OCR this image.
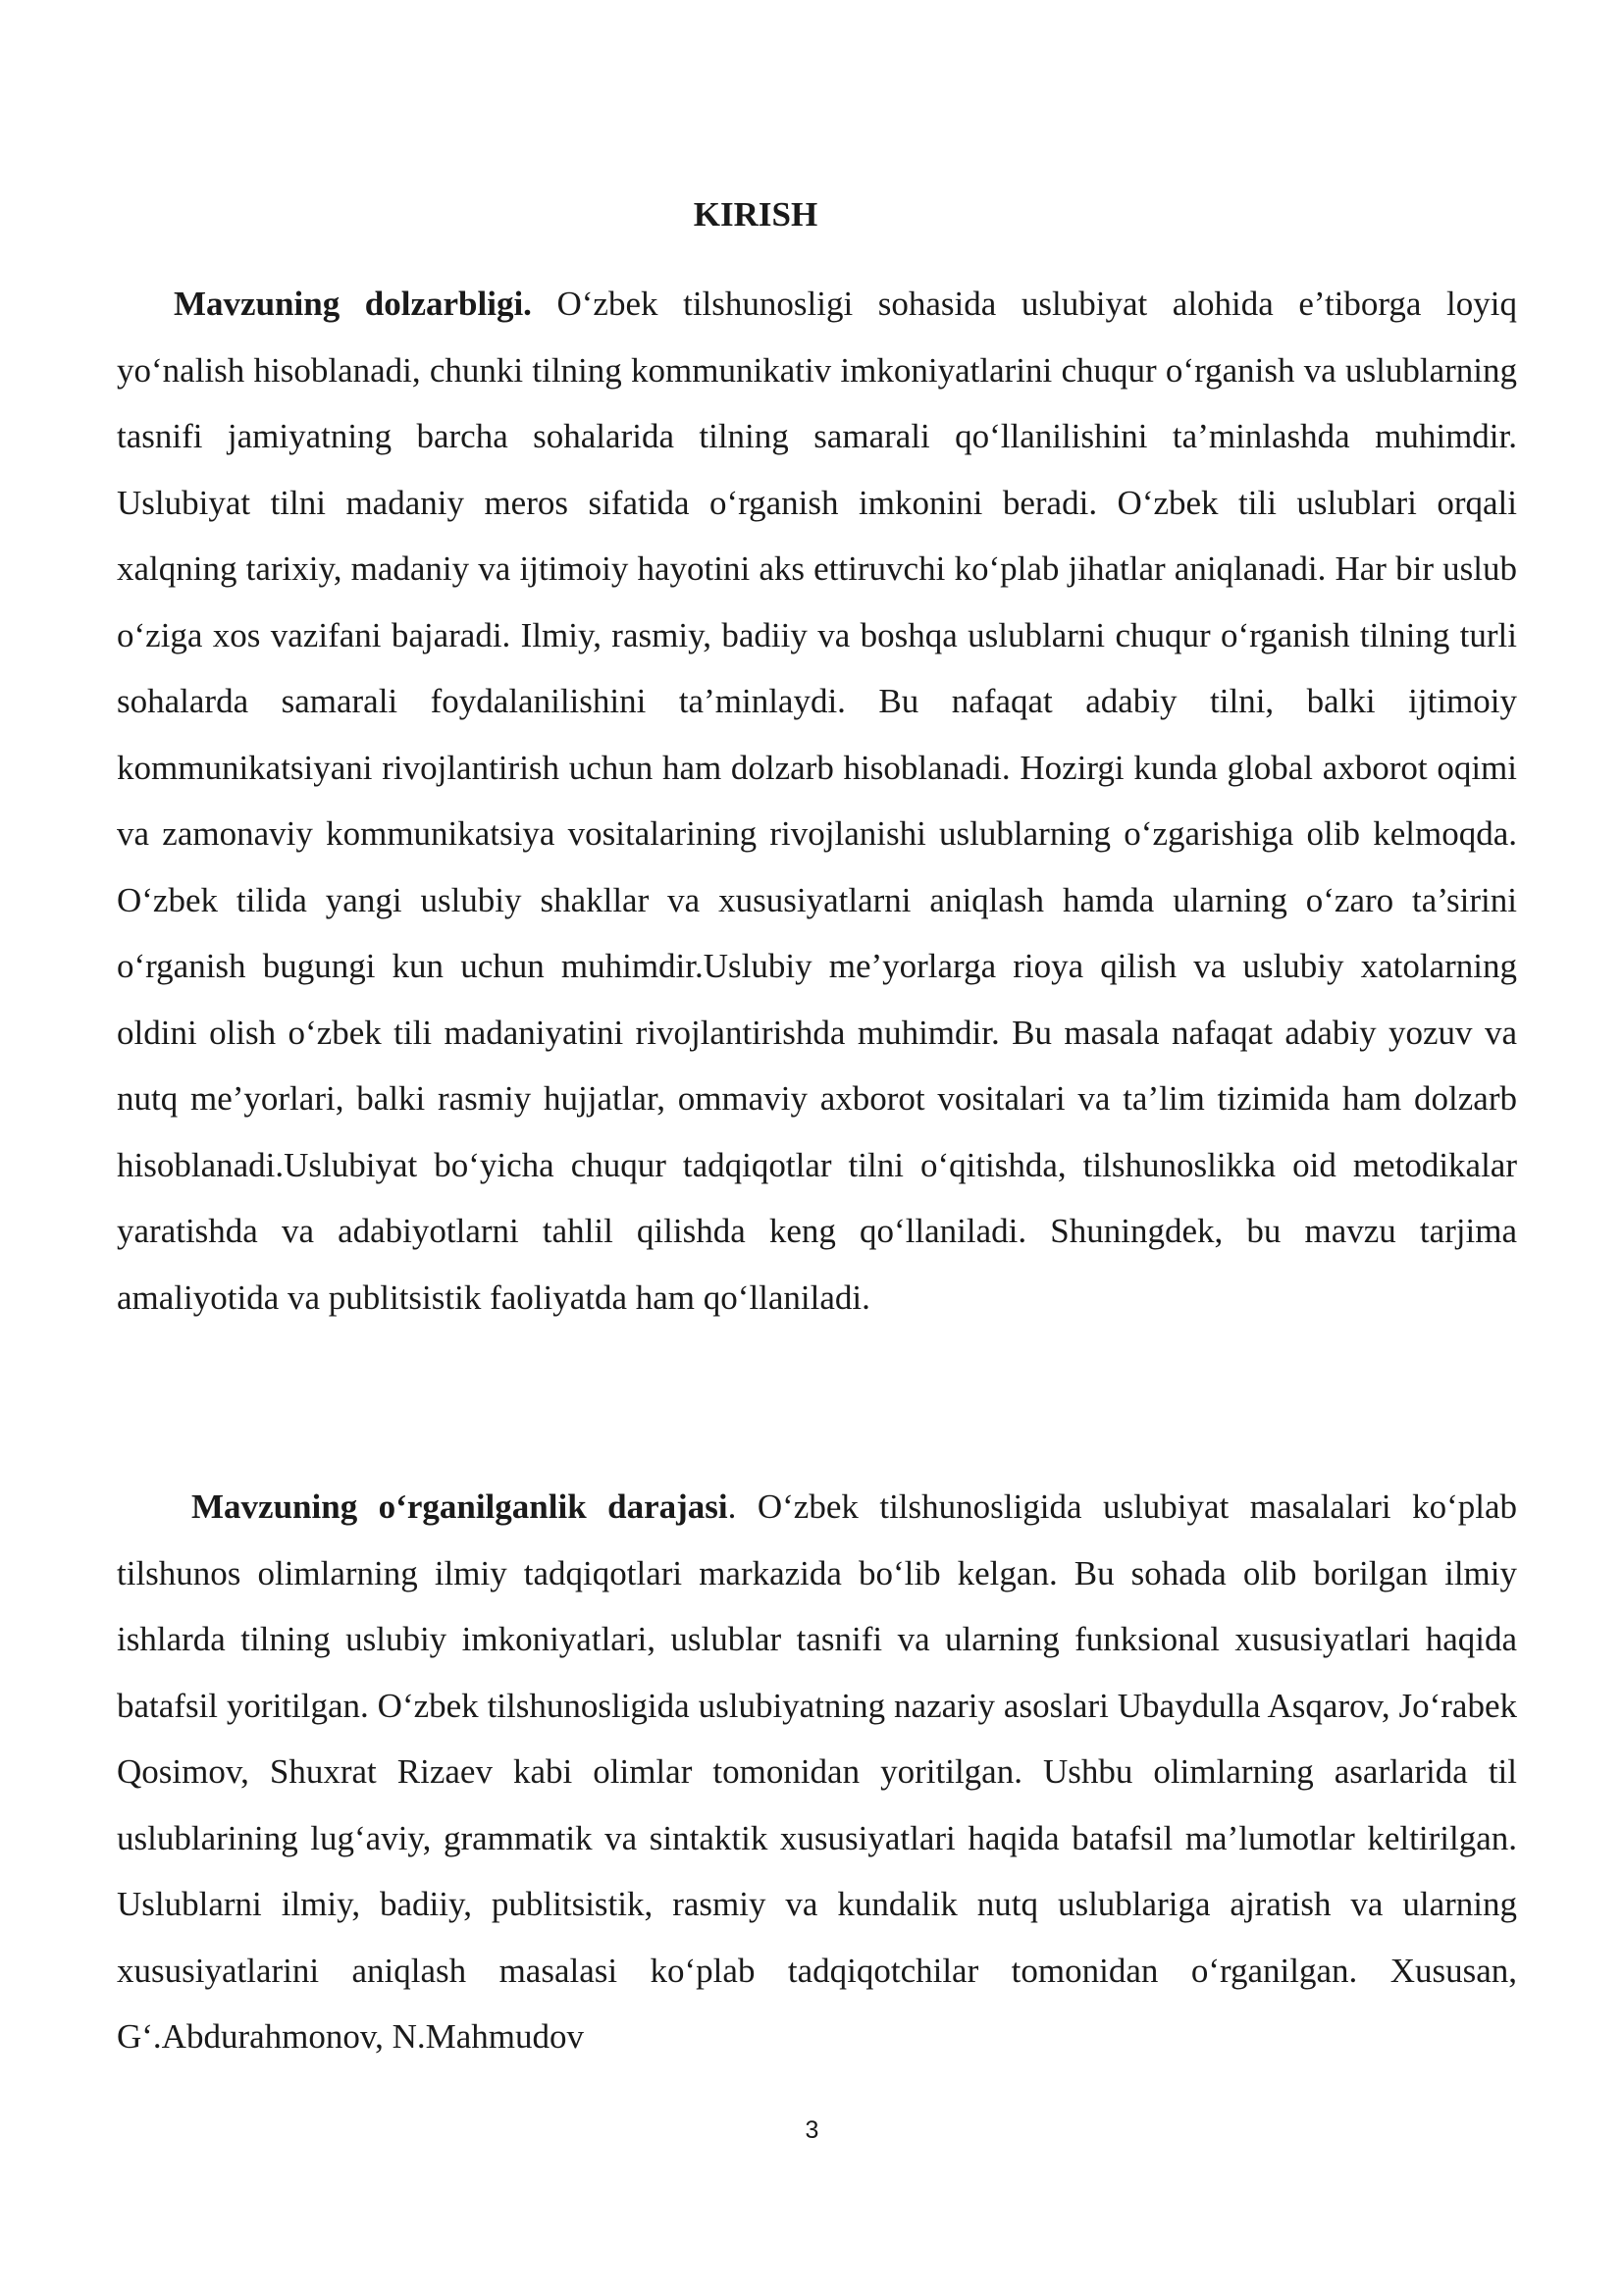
KIRISH

Mavzuning dolzarbligi. O‘zbek tilshunosligi sohasida uslubiyat alohida e’tiborga loyiq yo‘nalish hisoblanadi, chunki tilning kommunikativ imkoniyatlarini chuqur o‘rganish va uslublarning tasnifi jamiyatning barcha sohalarida tilning samarali qo‘llanilishini ta’minlashda muhimdir. Uslubiyat tilni madaniy meros sifatida o‘rganish imkonini beradi. O‘zbek tili uslublari orqali xalqning tarixiy, madaniy va ijtimoiy hayotini aks ettiruvchi ko‘plab jihatlar aniqlanadi. Har bir uslub o‘ziga xos vazifani bajaradi. Ilmiy, rasmiy, badiiy va boshqa uslublarni chuqur o‘rganish tilning turli sohalarda samarali foydalanilishini ta’minlaydi. Bu nafaqat adabiy tilni, balki ijtimoiy kommunikatsiyani rivojlantirish uchun ham dolzarb hisoblanadi. Hozirgi kunda global axborot oqimi va zamonaviy kommunikatsiya vositalarining rivojlanishi uslublarning o‘zgarishiga olib kelmoqda. O‘zbek tilida yangi uslubiy shakllar va xususiyatlarni aniqlash hamda ularning o‘zaro ta’sirini o‘rganish bugungi kun uchun muhimdir.Uslubiy me’yorlarga rioya qilish va uslubiy xatolarning oldini olish o‘zbek tili madaniyatini rivojlantirishda muhimdir. Bu masala nafaqat adabiy yozuv va nutq me’yorlari, balki rasmiy hujjatlar, ommaviy axborot vositalari va ta’lim tizimida ham dolzarb hisoblanadi.Uslubiyat bo‘yicha chuqur tadqiqotlar tilni o‘qitishda, tilshunoslikka oid metodikalar yaratishda va adabiyotlarni tahlil qilishda keng qo‘llaniladi. Shuningdek, bu mavzu tarjima amaliyotida va publitsistik faoliyatda ham qo‘llaniladi.

Mavzuning o‘rganilganlik darajasi. O‘zbek tilshunosligida uslubiyat masalalari ko‘plab tilshunos olimlarning ilmiy tadqiqotlari markazida bo‘lib kelgan. Bu sohada olib borilgan ilmiy ishlarda tilning uslubiy imkoniyatlari, uslublar tasnifi va ularning funksional xususiyatlari haqida batafsil yoritilgan. O‘zbek tilshunosligida uslubiyatning nazariy asoslari Ubaydulla Asqarov, Jo‘rabek Qosimov, Shuxrat Rizaev kabi olimlar tomonidan yoritilgan. Ushbu olimlarning asarlarida til uslublarining lug‘aviy, grammatik va sintaktik xususiyatlari haqida batafsil ma’lumotlar keltirilgan. Uslublarni ilmiy, badiiy, publitsistik, rasmiy va kundalik nutq uslublariga ajratish va ularning xususiyatlarini aniqlash masalasi ko‘plab tadqiqotchilar tomonidan o‘rganilgan. Xususan, G‘.Abdurahmonov, N.Mahmudov

3
